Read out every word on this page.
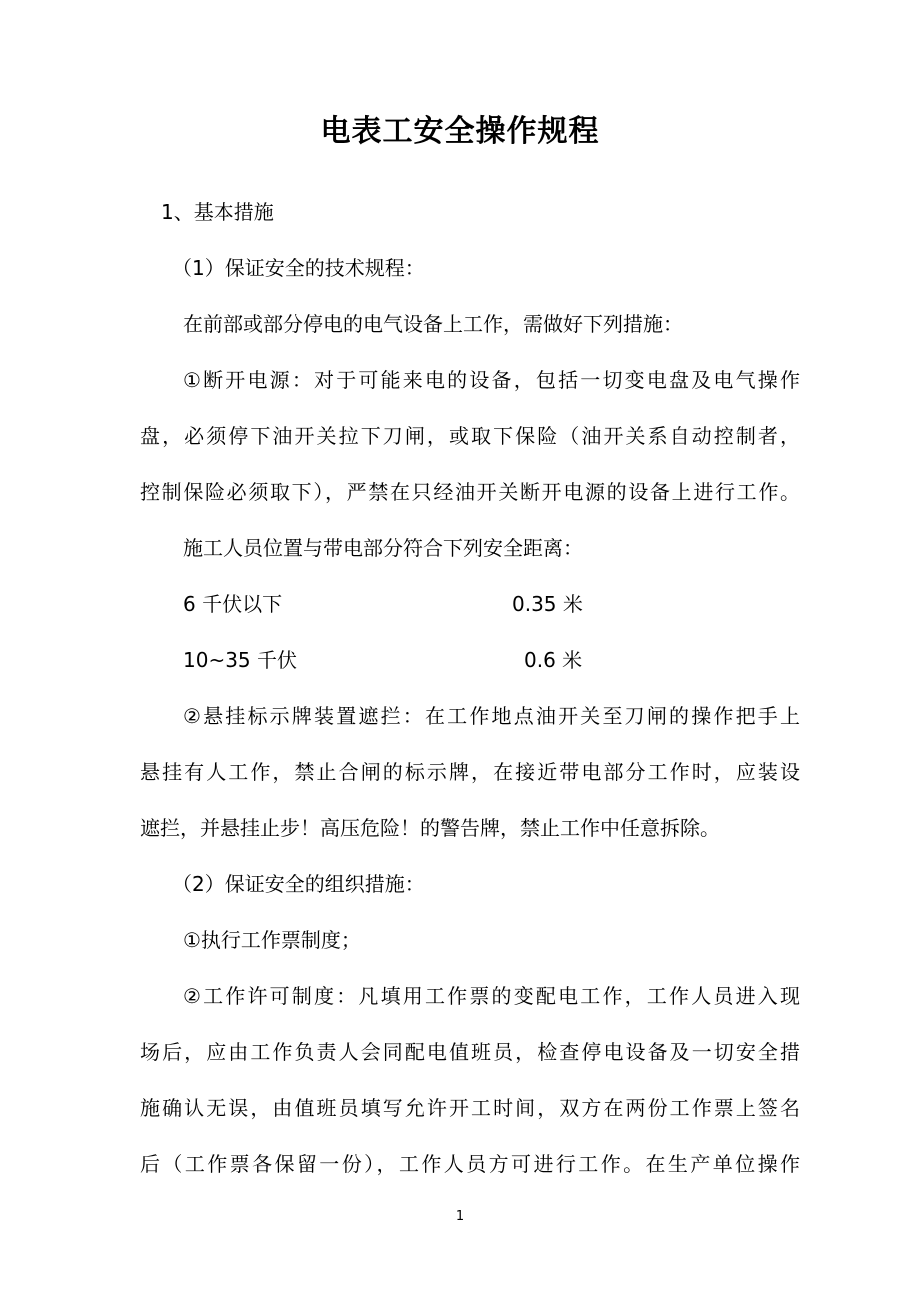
电表工安全操作规程
1、基本措施
（1）保证安全的技术规程：
在前部或部分停电的电气设备上工作，需做好下列措施：
①断开电源：对于可能来电的设备，包括一切变电盘及电气操作
盘，必须停下油开关拉下刀闸，或取下保险（油开关系自动控制者，
控制保险必须取下），严禁在只经油开关断开电源的设备上进行工作。
施工人员位置与带电部分符合下列安全距离：
6 千伏以下	0.35 米
10~35 千伏	0.6 米
②悬挂标示牌装置遮拦：在工作地点油开关至刀闸的操作把手上
悬挂有人工作，禁止合闸的标示牌，在接近带电部分工作时，应装设
遮拦，并悬挂止步！高压危险！的警告牌，禁止工作中任意拆除。
（2）保证安全的组织措施：
①执行工作票制度；
②工作许可制度：凡填用工作票的变配电工作，工作人员进入现
场后，应由工作负责人会同配电值班员，检查停电设备及一切安全措
施确认无误，由值班员填写允许开工时间，双方在两份工作票上签名
后（工作票各保留一份），工作人员方可进行工作。在生产单位操作
1
